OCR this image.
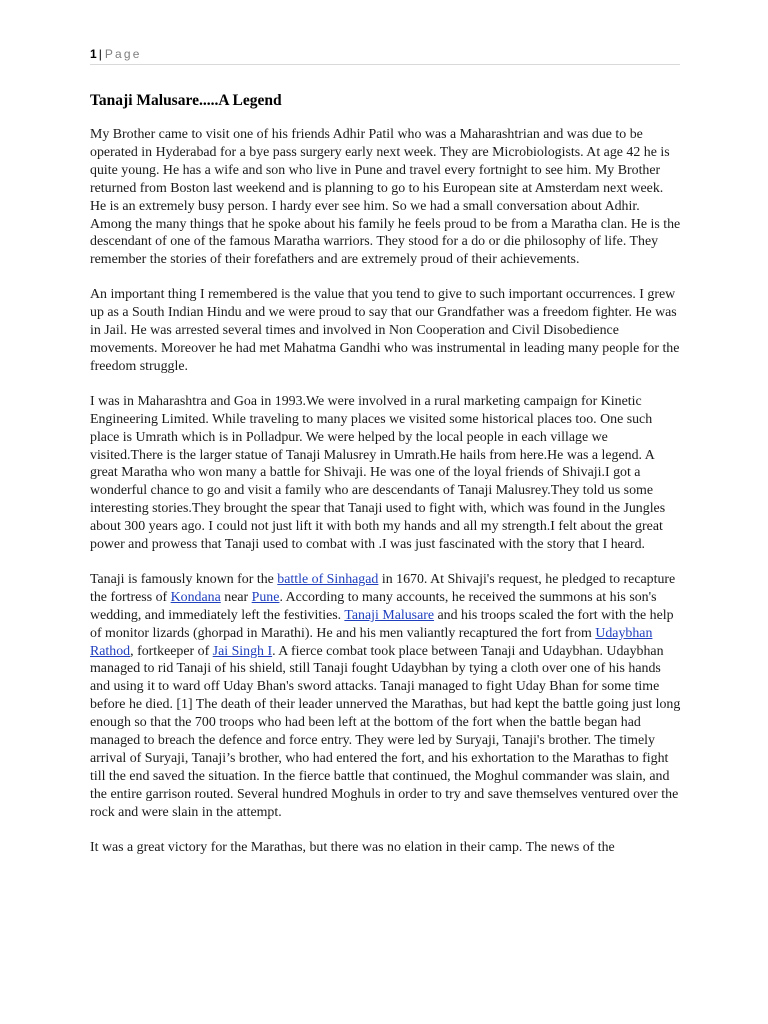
1 | Page
Tanaji Malusare.....A Legend

My Brother came to visit one of his friends Adhir Patil who was a Maharashtrian and was due to be operated in Hyderabad for a bye pass surgery early next week. They are Microbiologists. At age 42 he is quite young. He has a wife and son who live in Pune and travel every fortnight to see him. My Brother returned from Boston last weekend and is planning to go to his European site at Amsterdam next week. He is an extremely busy person. I hardy ever see him. So we had a small conversation about Adhir. Among the many things that he spoke about his family he feels proud to be from a Maratha clan. He is the descendant of one of the famous Maratha warriors. They stood for a do or die philosophy of life. They remember the stories of their forefathers and are extremely proud of their achievements.

An important thing I remembered is the value that you tend to give to such important occurrences. I grew up as a South Indian Hindu and we were proud to say that our Grandfather was a freedom fighter. He was in Jail. He was arrested several times and involved in Non Cooperation and Civil Disobedience movements. Moreover he had met Mahatma Gandhi who was instrumental in leading many people for the freedom struggle.

I was in Maharashtra and Goa in 1993.We were involved in a rural marketing campaign for Kinetic Engineering Limited. While traveling to many places we visited some historical places too. One such place is Umrath which is in Polladpur. We were helped by the local people in each village we visited.There is the larger statue of Tanaji Malusrey in Umrath.He hails from here.He was a legend. A great Maratha who won many a battle for Shivaji. He was one of the loyal friends of Shivaji.I got a wonderful chance to go and visit a family who are descendants of Tanaji Malusrey.They told us some interesting stories.They brought the spear that Tanaji used to fight with, which was found in the Jungles about 300 years ago. I could not just lift it with both my hands and all my strength.I felt about the great power and prowess that Tanaji used to combat with .I was just fascinated with the story that I heard.

Tanaji is famously known for the battle of Sinhagad in 1670. At Shivaji's request, he pledged to recapture the fortress of Kondana near Pune. According to many accounts, he received the summons at his son's wedding, and immediately left the festivities. Tanaji Malusare and his troops scaled the fort with the help of monitor lizards (ghorpad in Marathi). He and his men valiantly recaptured the fort from Udaybhan Rathod, fortkeeper of Jai Singh I. A fierce combat took place between Tanaji and Udaybhan. Udaybhan managed to rid Tanaji of his shield, still Tanaji fought Udaybhan by tying a cloth over one of his hands and using it to ward off Uday Bhan's sword attacks. Tanaji managed to fight Uday Bhan for some time before he died. [1] The death of their leader unnerved the Marathas, but had kept the battle going just long enough so that the 700 troops who had been left at the bottom of the fort when the battle began had managed to breach the defence and force entry. They were led by Suryaji, Tanaji's brother. The timely arrival of Suryaji, Tanaji’s brother, who had entered the fort, and his exhortation to the Marathas to fight till the end saved the situation. In the fierce battle that continued, the Moghul commander was slain, and the entire garrison routed. Several hundred Moghuls in order to try and save themselves ventured over the rock and were slain in the attempt.

It was a great victory for the Marathas, but there was no elation in their camp. The news of the
